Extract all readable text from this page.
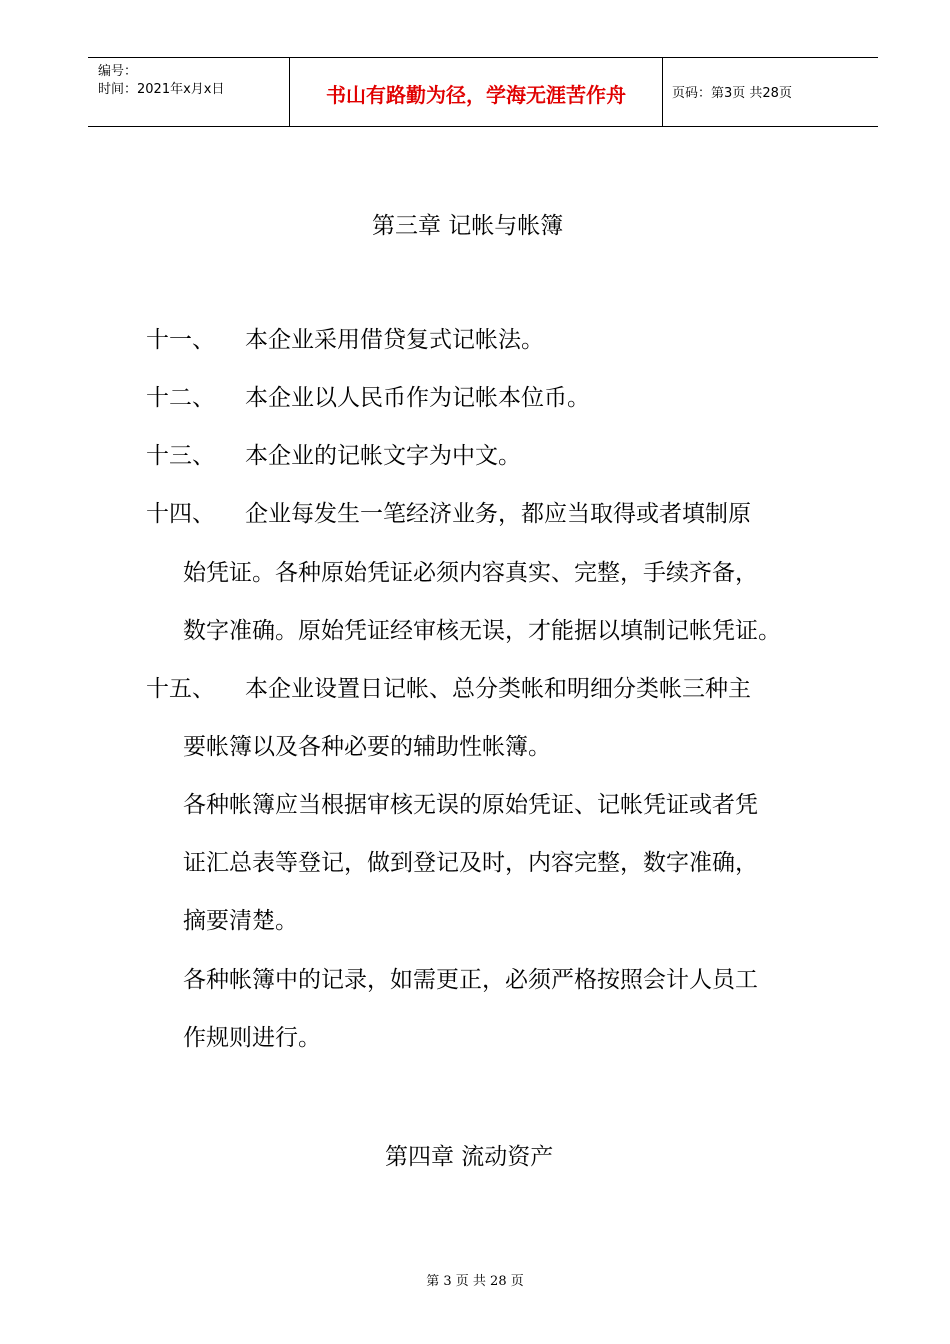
编号：
时间：2021年x月x日	书山有路勤为径，学海无涯苦作舟	页码：第3页 共28页
第三章 记帐与帐簿
十一、 本企业采用借贷复式记帐法。
十二、 本企业以人民币作为记帐本位币。
十三、 本企业的记帐文字为中文。
十四、 企业每发生一笔经济业务，都应当取得或者填制原
始凭证。各种原始凭证必须内容真实、完整，手续齐备，
数字准确。原始凭证经审核无误，才能据以填制记帐凭证。
十五、 本企业设置日记帐、总分类帐和明细分类帐三种主
要帐簿以及各种必要的辅助性帐簿。
各种帐簿应当根据审核无误的原始凭证、记帐凭证或者凭
证汇总表等登记，做到登记及时，内容完整，数字准确，
摘要清楚。
各种帐簿中的记录，如需更正，必须严格按照会计人员工
作规则进行。
第四章 流动资产
第 3 页 共 28 页
